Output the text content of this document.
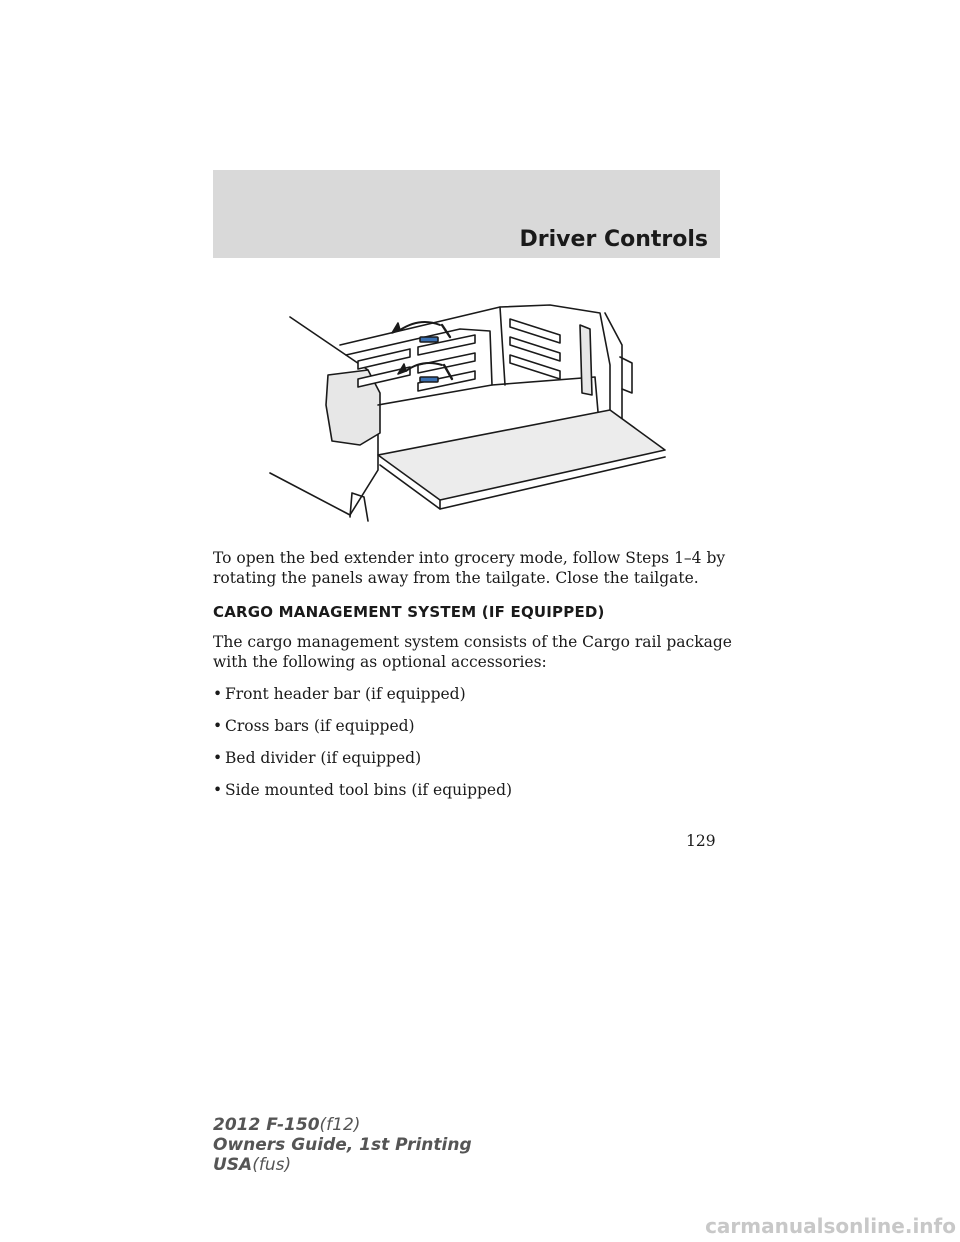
Driver Controls

To open the bed extender into grocery mode, follow Steps 1–4 by rotating the panels away from the tailgate. Close the tailgate.

CARGO MANAGEMENT SYSTEM (IF EQUIPPED)

The cargo management system consists of the Cargo rail package with the following as optional accessories:

• Front header bar (if equipped)
• Cross bars (if equipped)
• Bed divider (if equipped)
• Side mounted tool bins (if equipped)
129
2012 F-150(f12)
Owners Guide, 1st Printing
USA(fus)
carmanualsonline.info
